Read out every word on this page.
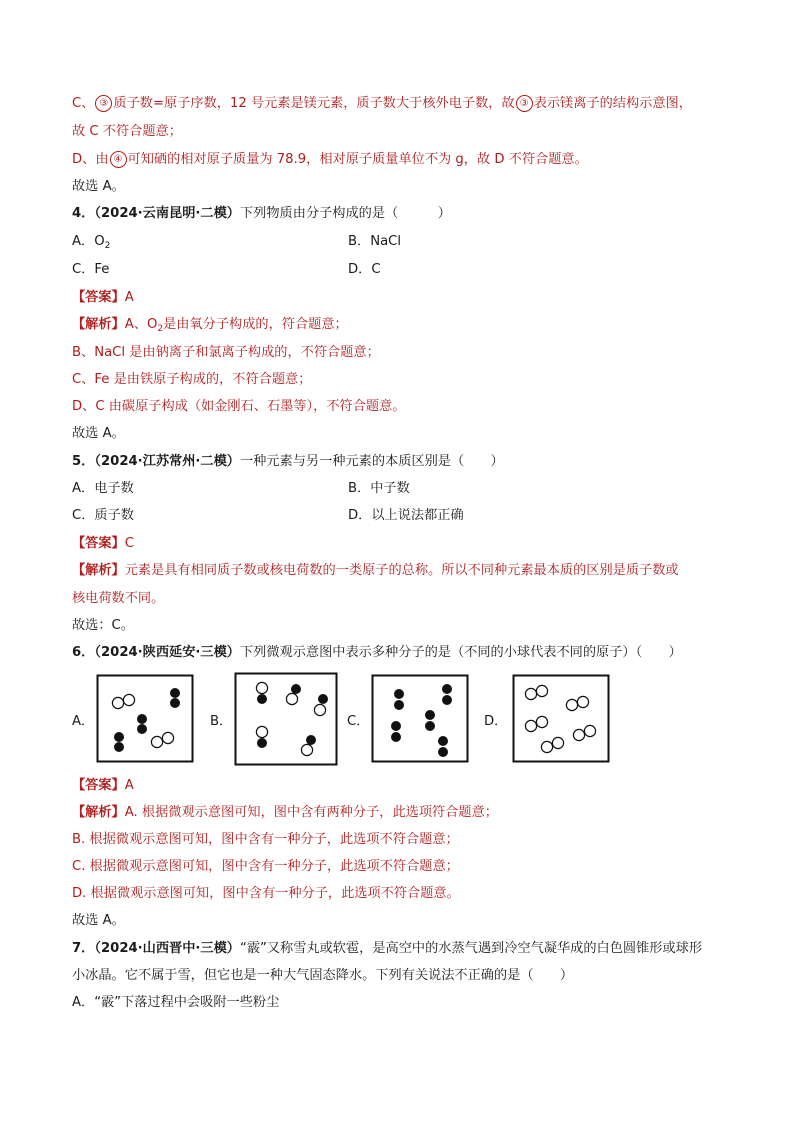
C、 ③ 质子数=原子序数，12 号元素是镁元素，质子数大于核外电子数，故 ③ 表示镁离子的结构示意图，
故 C 不符合题意；
D、由 ④ 可知硒的相对原子质量为 78.9，相对原子质量单位不为 g，故 D 不符合题意。
故选 A。
4．（2024·云南昆明·二模）下列物质由分子构成的是（　　　）
A．$O_2$	B．NaCl
C．Fe	D．C
【答案】A
【解析】A、$O_2$是由氧分子构成的，符合题意；
B、NaCl 是由钠离子和氯离子构成的，不符合题意；
C、Fe 是由铁原子构成的，不符合题意；
D、C 由碳原子构成（如金刚石、石墨等），不符合题意。
故选 A。
5．（2024·江苏常州·二模）一种元素与另一种元素的本质区别是（　　）
A．电子数	B．中子数
C．质子数	D．以上说法都正确
【答案】C
【解析】元素是具有相同质子数或核电荷数的一类原子的总称。所以不同种元素最本质的区别是质子数或
核电荷数不同。
故选：C。
6．（2024·陕西延安·三模）下列微观示意图中表示多种分子的是（不同的小球代表不同的原子）（　　）
A．	B．	C．	D．
【答案】A
【解析】A. 根据微观示意图可知，图中含有两种分子，此选项符合题意；
B. 根据微观示意图可知，图中含有一种分子，此选项不符合题意；
C. 根据微观示意图可知，图中含有一种分子，此选项不符合题意；
D. 根据微观示意图可知，图中含有一种分子，此选项不符合题意。
故选 A。
7．（2024·山西晋中·三模）“霰”又称雪丸或软雹，是高空中的水蒸气遇到冷空气凝华成的白色圆锥形或球形
小冰晶。它不属于雪，但它也是一种大气固态降水。下列有关说法不正确的是（　　）
A．“霰”下落过程中会吸附一些粉尘
